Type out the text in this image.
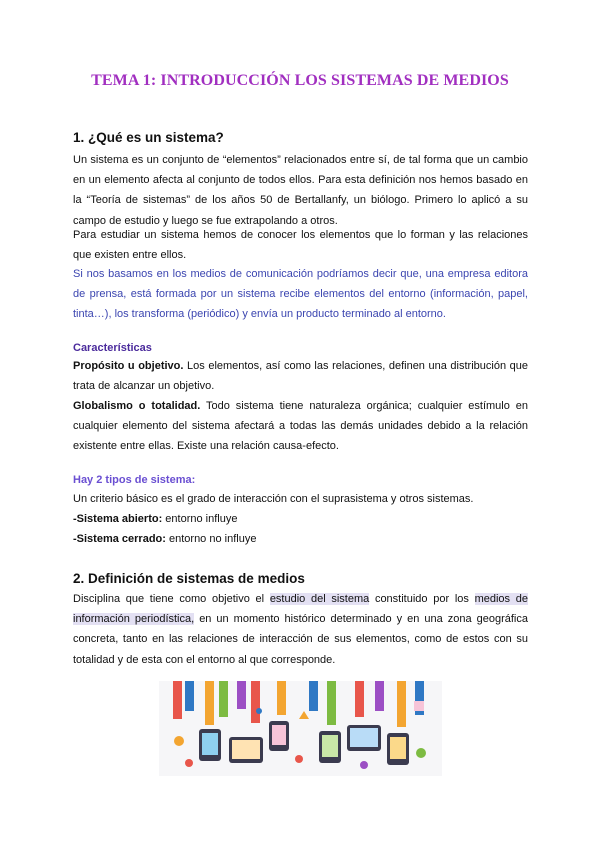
TEMA 1: INTRODUCCIÓN LOS SISTEMAS DE MEDIOS
1. ¿Qué es un sistema?
Un sistema es un conjunto de “elementos” relacionados entre sí, de tal forma que un cambio
en un elemento afecta al conjunto de todos ellos. Para esta definición nos hemos basado en
la “Teoría de sistemas” de los años 50 de Bertallanfy, un biólogo. Primero lo aplicó a su
campo de estudio y luego se fue extrapolando a otros.
Para estudiar un sistema hemos de conocer los elementos que lo forman y las relaciones
que existen entre ellos.
Si nos basamos en los medios de comunicación podríamos decir que, una empresa editora
de prensa, está formada por un sistema recibe elementos del entorno (información, papel,
tinta…), los transforma (periódico) y envía un producto terminado al entorno.
Características
Propósito u objetivo. Los elementos, así como las relaciones, definen una distribución que
trata de alcanzar un objetivo.
Globalismo o totalidad. Todo sistema tiene naturaleza orgánica; cualquier estímulo en
cualquier elemento del sistema afectará a todas las demás unidades debido a la relación
existente entre ellas. Existe una relación causa-efecto.
Hay 2 tipos de sistema:
Un criterio básico es el grado de interacción con el suprasistema y otros sistemas.
-Sistema abierto: entorno influye
-Sistema cerrado: entorno no influye
2. Definición de sistemas de medios
Disciplina que tiene como objetivo el estudio del sistema constituido por los medios de
información periodística, en un momento histórico determinado y en una zona geográfica
concreta, tanto en las relaciones de interacción de sus elementos, como de estos con su
totalidad y de esta con el entorno al que corresponde.
